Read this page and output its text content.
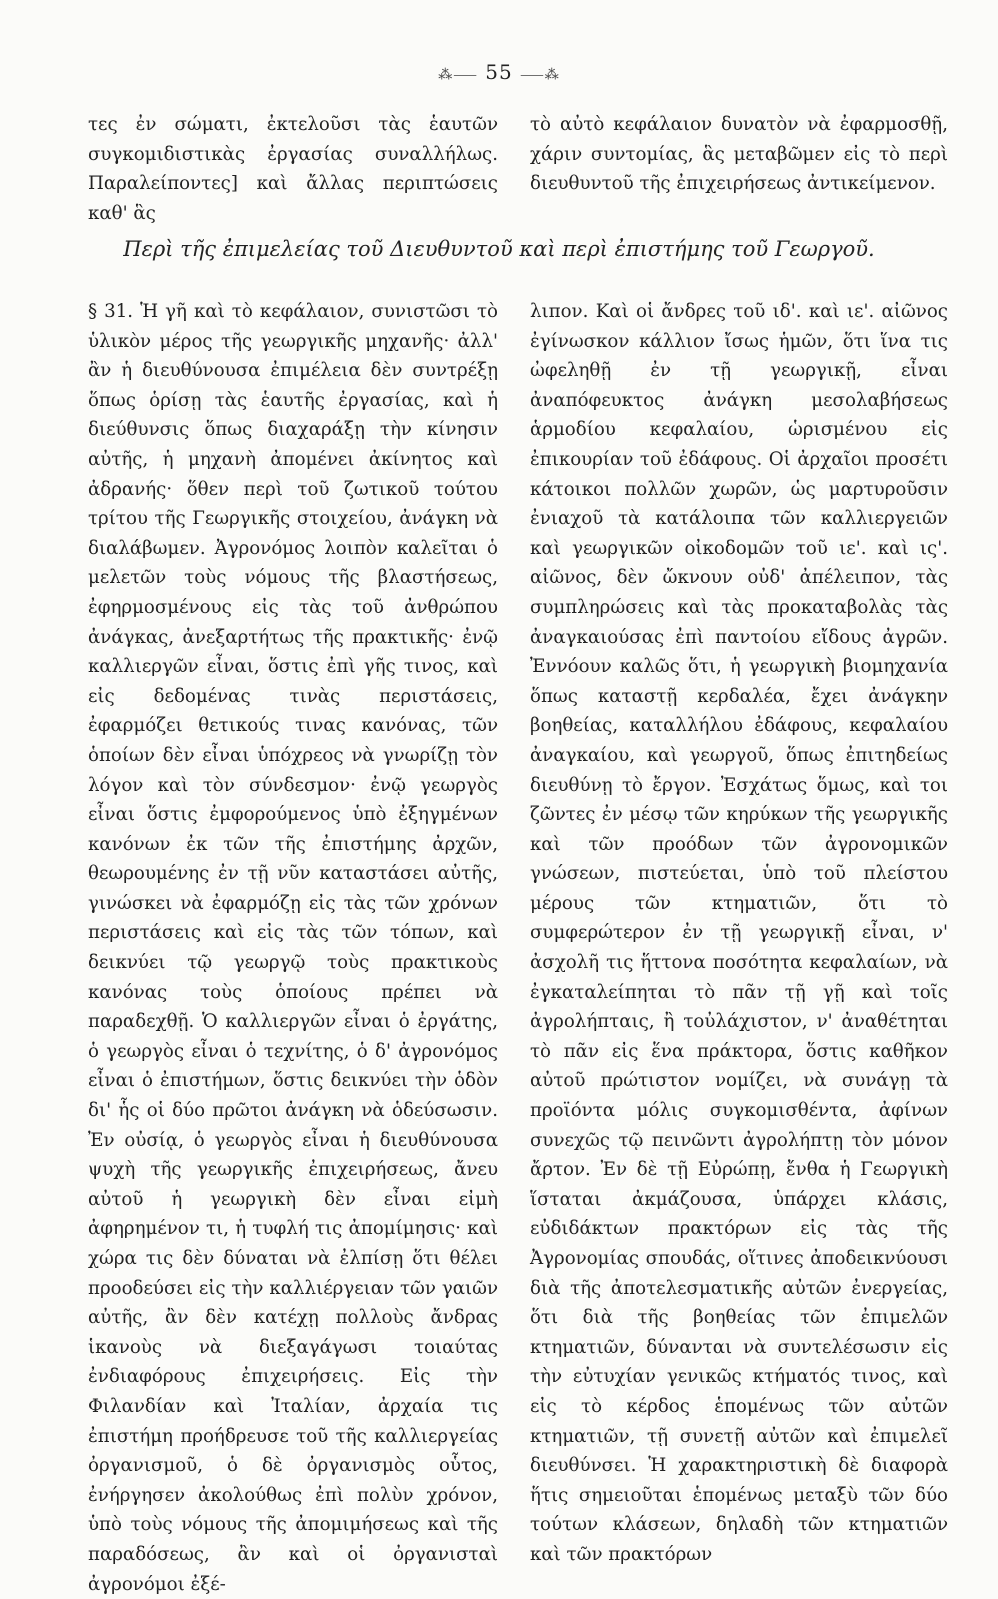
⁂⸺ 55 ⸺⁂

τες ἐν σώματι, ἐκτελοῦσι τὰς ἑαυτῶν συγκομιδιστικὰς ἐργασίας συναλλήλως. Παραλείποντες] καὶ ἄλλας περιπτώσεις καθ' ἃς

τὸ αὐτὸ κεφάλαιον δυνατὸν νὰ ἐφαρμοσθῇ, χάριν συντομίας, ἃς μεταβῶμεν εἰς τὸ περὶ διευθυντοῦ τῆς ἐπιχειρήσεως ἀντικείμενον.

Περὶ τῆς ἐπιμελείας τοῦ Διευθυντοῦ καὶ περὶ ἐπιστήμης τοῦ Γεωργοῦ.

§ 31. Ἡ γῆ καὶ τὸ κεφάλαιον, συνιστῶσι τὸ ὑλικὸν μέρος τῆς γεωργικῆς μηχανῆς· ἀλλ' ἂν ἡ διευθύνουσα ἐπιμέλεια δὲν συντρέξῃ ὅπως ὁρίσῃ τὰς ἑαυτῆς ἐργασίας, καὶ ἡ διεύθυνσις ὅπως διαχαράξῃ τὴν κίνησιν αὐτῆς, ἡ μηχανὴ ἀπομένει ἀκίνητος καὶ ἀδρανής· ὅθεν περὶ τοῦ ζωτικοῦ τούτου τρίτου τῆς Γεωργικῆς στοιχείου, ἀνάγκη νὰ διαλάβωμεν. Ἀγρονόμος λοιπὸν καλεῖται ὁ μελετῶν τοὺς νόμους τῆς βλαστήσεως, ἐφηρμοσμένους εἰς τὰς τοῦ ἀνθρώπου ἀνάγκας, ἀνεξαρτήτως τῆς πρακτικῆς· ἐνῷ καλλιεργῶν εἶναι, ὅστις ἐπὶ γῆς τινος, καὶ εἰς δεδομένας τινὰς περιστάσεις, ἐφαρμόζει θετικούς τινας κανόνας, τῶν ὁποίων δὲν εἶναι ὑπόχρεος νὰ γνωρίζῃ τὸν λόγον καὶ τὸν σύνδεσμον· ἐνῷ γεωργὸς εἶναι ὅστις ἐμφορούμενος ὑπὸ ἐξηγμένων κανόνων ἐκ τῶν τῆς ἐπιστήμης ἀρχῶν, θεωρουμένης ἐν τῇ νῦν καταστάσει αὐτῆς, γινώσκει νὰ ἐφαρμόζῃ εἰς τὰς τῶν χρόνων περιστάσεις καὶ εἰς τὰς τῶν τόπων, καὶ δεικνύει τῷ γεωργῷ τοὺς πρακτικοὺς κανόνας τοὺς ὁποίους πρέπει νὰ παραδεχθῇ. Ὁ καλλιεργῶν εἶναι ὁ ἐργάτης, ὁ γεωργὸς εἶναι ὁ τεχνίτης, ὁ δ' ἀγρονόμος εἶναι ὁ ἐπιστήμων, ὅστις δεικνύει τὴν ὁδὸν δι' ἧς οἱ δύο πρῶτοι ἀνάγκη νὰ ὁδεύσωσιν. Ἐν οὐσίᾳ, ὁ γεωργὸς εἶναι ἡ διευθύνουσα ψυχὴ τῆς γεωργικῆς ἐπιχειρήσεως, ἄνευ αὐτοῦ ἡ γεωργικὴ δὲν εἶναι εἰμὴ ἀφηρημένον τι, ἡ τυφλή τις ἀπομίμησις· καὶ χώρα τις δὲν δύναται νὰ ἐλπίσῃ ὅτι θέλει προοδεύσει εἰς τὴν καλλιέργειαν τῶν γαιῶν αὐτῆς, ἂν δὲν κατέχῃ πολλοὺς ἄνδρας ἱκανοὺς νὰ διεξαγάγωσι τοιαύτας ἐνδιαφόρους ἐπιχειρήσεις. Εἰς τὴν Φιλανδίαν καὶ Ἰταλίαν, ἀρχαία τις ἐπιστήμη προήδρευσε τοῦ τῆς καλλιεργείας ὀργανισμοῦ, ὁ δὲ ὀργανισμὸς οὗτος, ἐνήργησεν ἀκολούθως ἐπὶ πολὺν χρόνον, ὑπὸ τοὺς νόμους τῆς ἀπομιμήσεως καὶ τῆς παραδόσεως, ἂν καὶ οἱ ὀργανισταὶ ἀγρονόμοι ἐξέ-

λιπον. Καὶ οἱ ἄνδρες τοῦ ιδ'. καὶ ιε'. αἰῶνος ἐγίνωσκον κάλλιον ἴσως ἡμῶν, ὅτι ἵνα τις ὠφεληθῇ ἐν τῇ γεωργικῇ, εἶναι ἀναπόφευκτος ἀνάγκη μεσολαβήσεως ἁρμοδίου κεφαλαίου, ὡρισμένου εἰς ἐπικουρίαν τοῦ ἐδάφους. Οἱ ἀρχαῖοι προσέτι κάτοικοι πολλῶν χωρῶν, ὡς μαρτυροῦσιν ἐνιαχοῦ τὰ κατάλοιπα τῶν καλλιεργειῶν καὶ γεωργικῶν οἰκοδομῶν τοῦ ιε'. καὶ ις'. αἰῶνος, δὲν ὤκνουν οὐδ' ἀπέλειπον, τὰς συμπληρώσεις καὶ τὰς προκαταβολὰς τὰς ἀναγκαιούσας ἐπὶ παντοίου εἴδους ἀγρῶν. Ἐννόουν καλῶς ὅτι, ἡ γεωργικὴ βιομηχανία ὅπως καταστῇ κερδαλέα, ἔχει ἀνάγκην βοηθείας, καταλλήλου ἐδάφους, κεφαλαίου ἀναγκαίου, καὶ γεωργοῦ, ὅπως ἐπιτηδείως διευθύνῃ τὸ ἔργον. Ἐσχάτως ὅμως, καὶ τοι ζῶντες ἐν μέσῳ τῶν κηρύκων τῆς γεωργικῆς καὶ τῶν προόδων τῶν ἀγρονομικῶν γνώσεων, πιστεύεται, ὑπὸ τοῦ πλείστου μέρους τῶν κτηματιῶν, ὅτι τὸ συμφερώτερον ἐν τῇ γεωργικῇ εἶναι, ν' ἀσχολῆ τις ἥττονα ποσότητα κεφαλαίων, νὰ ἐγκαταλείπηται τὸ πᾶν τῇ γῇ καὶ τοῖς ἀγρολήπταις, ἢ τοὐλάχιστον, ν' ἀναθέτηται τὸ πᾶν εἰς ἕνα πράκτορα, ὅστις καθῆκον αὐτοῦ πρώτιστον νομίζει, νὰ συνάγῃ τὰ προϊόντα μόλις συγκομισθέντα, ἀφίνων συνεχῶς τῷ πεινῶντι ἀγρολήπτῃ τὸν μόνον ἄρτον. Ἐν δὲ τῇ Εὐρώπῃ, ἔνθα ἡ Γεωργικὴ ἵσταται ἀκμάζουσα, ὑπάρχει κλάσις, εὐδιδάκτων πρακτόρων εἰς τὰς τῆς Ἀγρονομίας σπουδάς, οἵτινες ἀποδεικνύουσι διὰ τῆς ἀποτελεσματικῆς αὐτῶν ἐνεργείας, ὅτι διὰ τῆς βοηθείας τῶν ἐπιμελῶν κτηματιῶν, δύνανται νὰ συντελέσωσιν εἰς τὴν εὐτυχίαν γενικῶς κτήματός τινος, καὶ εἰς τὸ κέρδος ἑπομένως τῶν αὐτῶν κτηματιῶν, τῇ συνετῇ αὐτῶν καὶ ἐπιμελεῖ διευθύνσει. Ἡ χαρακτηριστικὴ δὲ διαφορὰ ἥτις σημειοῦται ἑπομένως μεταξὺ τῶν δύο τούτων κλάσεων, δηλαδὴ τῶν κτηματιῶν καὶ τῶν πρακτόρων
